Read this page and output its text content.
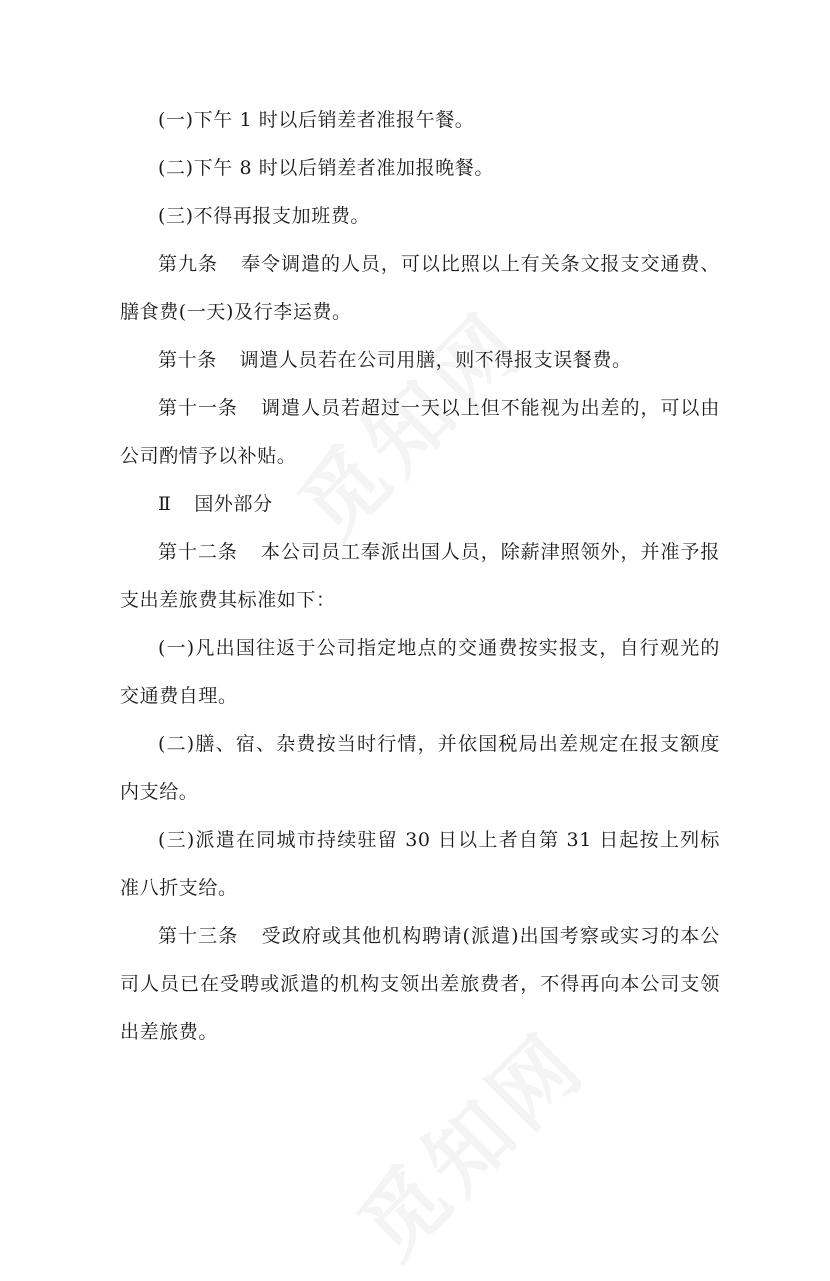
(一)下午 1 时以后销差者准报午餐。

(二)下午 8 时以后销差者准加报晚餐。

(三)不得再报支加班费。

第九条 奉令调遣的人员，可以比照以上有关条文报支交通费、膳食费(一天)及行李运费。

第十条 调遣人员若在公司用膳，则不得报支误餐费。

第十一条 调遣人员若超过一天以上但不能视为出差的，可以由公司酌情予以补贴。

Ⅱ 国外部分

第十二条 本公司员工奉派出国人员，除薪津照领外，并准予报支出差旅费其标准如下：

(一)凡出国往返于公司指定地点的交通费按实报支，自行观光的交通费自理。

(二)膳、宿、杂费按当时行情，并依国税局出差规定在报支额度内支给。

(三)派遣在同城市持续驻留 30 日以上者自第 31 日起按上列标准八折支给。

第十三条 受政府或其他机构聘请(派遣)出国考察或实习的本公司人员已在受聘或派遣的机构支领出差旅费者，不得再向本公司支领出差旅费。
